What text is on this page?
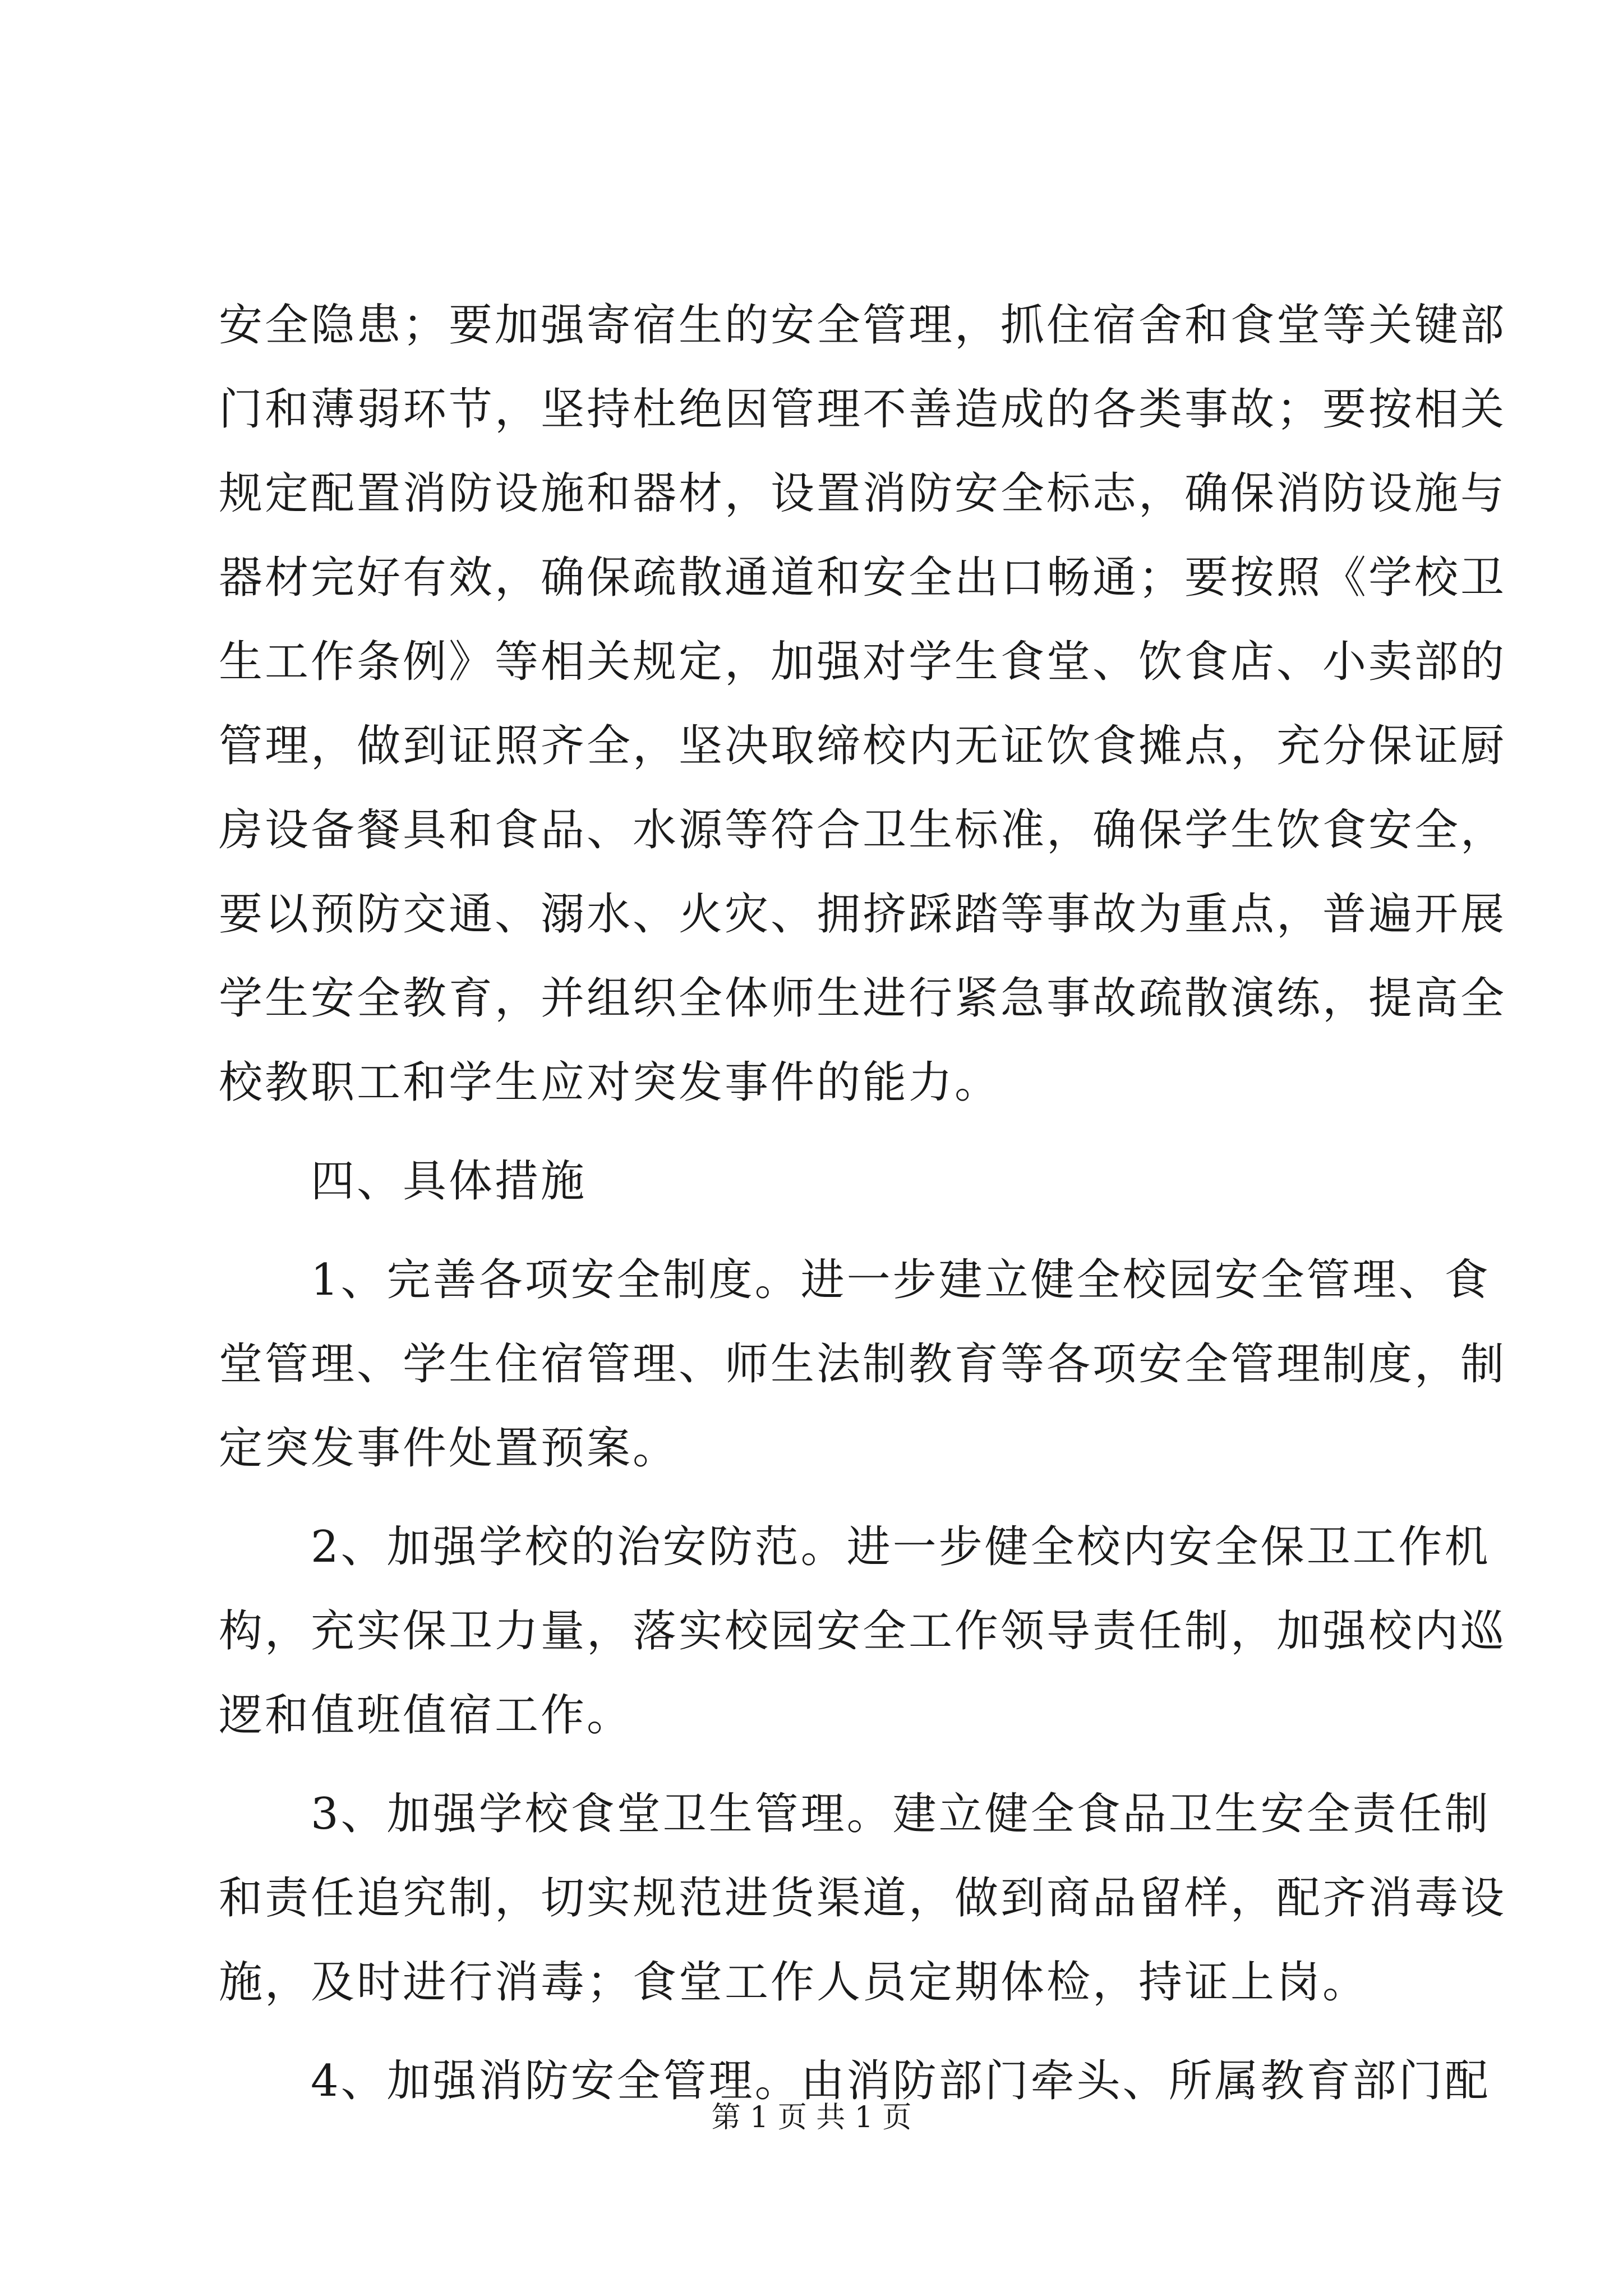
安全隐患；要加强寄宿生的安全管理，抓住宿舍和食堂等关键部
门和薄弱环节，坚持杜绝因管理不善造成的各类事故；要按相关
规定配置消防设施和器材，设置消防安全标志，确保消防设施与
器材完好有效，确保疏散通道和安全出口畅通；要按照《学校卫
生工作条例》等相关规定，加强对学生食堂、饮食店、小卖部的
管理，做到证照齐全，坚决取缔校内无证饮食摊点，充分保证厨
房设备餐具和食品、水源等符合卫生标准，确保学生饮食安全，
要以预防交通、溺水、火灾、拥挤踩踏等事故为重点，普遍开展
学生安全教育，并组织全体师生进行紧急事故疏散演练，提高全
校教职工和学生应对突发事件的能力。
　　四、具体措施
　　1、完善各项安全制度。进一步建立健全校园安全管理、食
堂管理、学生住宿管理、师生法制教育等各项安全管理制度，制
定突发事件处置预案。
　　2、加强学校的治安防范。进一步健全校内安全保卫工作机
构，充实保卫力量，落实校园安全工作领导责任制，加强校内巡
逻和值班值宿工作。
　　3、加强学校食堂卫生管理。建立健全食品卫生安全责任制
和责任追究制，切实规范进货渠道，做到商品留样，配齐消毒设
施，及时进行消毒；食堂工作人员定期体检，持证上岗。
　　4、加强消防安全管理。由消防部门牵头、所属教育部门配
第 1 页 共 1 页
